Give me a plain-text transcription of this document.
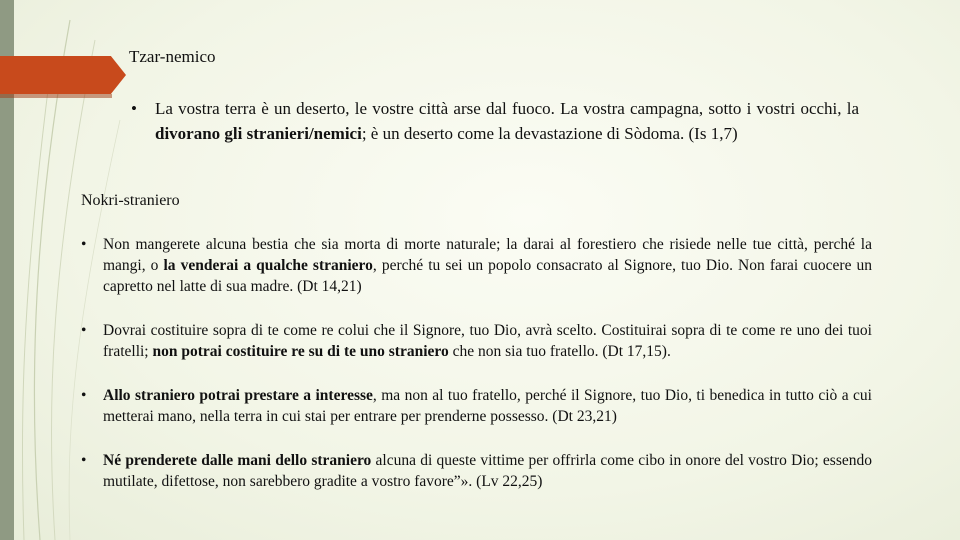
Tzar-nemico
•	La vostra terra è un deserto, le vostre città arse dal fuoco. La vostra campagna, sotto i vostri occhi, la divorano gli stranieri/nemici; è un deserto come la devastazione di Sòdoma. (Is 1,7)
Nokri-straniero
•	Non mangerete alcuna bestia che sia morta di morte naturale; la darai al forestiero che risiede nelle tue città, perché la mangi, o la venderai a qualche straniero, perché tu sei un popolo consacrato al Signore, tuo Dio. Non farai cuocere un capretto nel latte di sua madre. (Dt 14,21)
•	Dovrai costituire sopra di te come re colui che il Signore, tuo Dio, avrà scelto. Costituirai sopra di te come re uno dei tuoi fratelli; non potrai costituire re su di te uno straniero che non sia tuo fratello. (Dt 17,15).
•	Allo straniero potrai prestare a interesse, ma non al tuo fratello, perché il Signore, tuo Dio, ti benedica in tutto ciò a cui metterai mano, nella terra in cui stai per entrare per prenderne possesso. (Dt 23,21)
•	Né prenderete dalle mani dello straniero alcuna di queste vittime per offrirla come cibo in onore del vostro Dio; essendo mutilate, difettose, non sarebbero gradite a vostro favore”». (Lv 22,25)
